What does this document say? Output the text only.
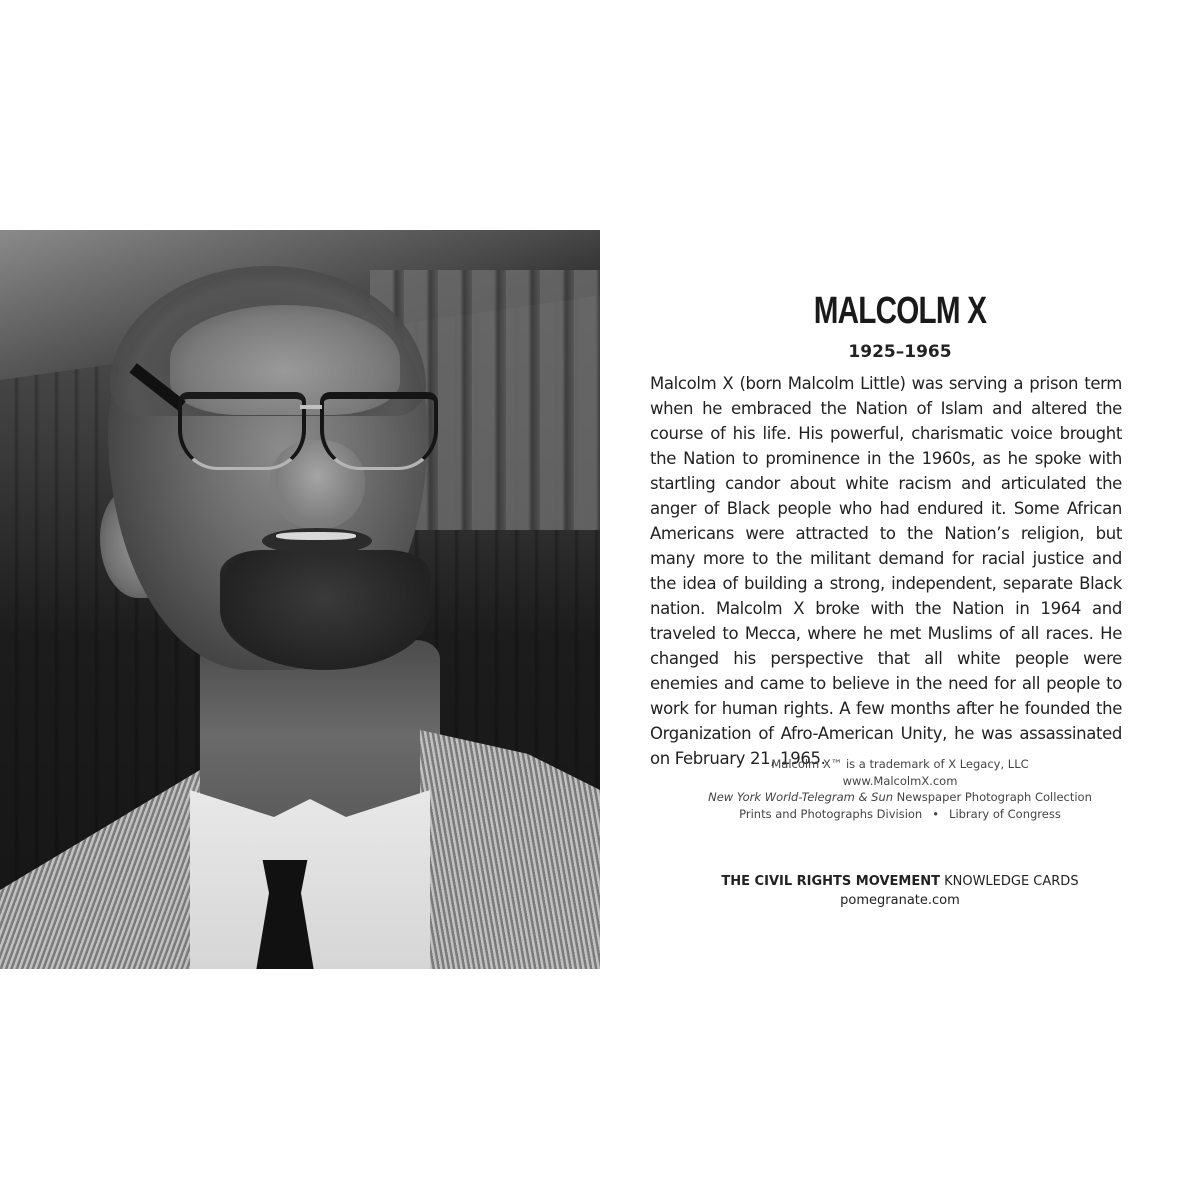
MALCOLM X
1925–1965
Malcolm X (born Malcolm Little) was serving a prison term when he embraced the Nation of Islam and altered the course of his life. His powerful, charismatic voice brought the Nation to prominence in the 1960s, as he spoke with startling candor about white racism and articulated the anger of Black people who had endured it. Some African Americans were attracted to the Nation’s religion, but many more to the militant demand for racial justice and the idea of building a strong, independent, separate Black nation. Malcolm X broke with the Nation in 1964 and traveled to Mecca, where he met Muslims of all races. He changed his perspective that all white people were enemies and came to believe in the need for all people to work for human rights. A few months after he founded the Organization of Afro-American Unity, he was assassinated on February 21, 1965.
Malcolm X™ is a trademark of X Legacy, LLC
www.MalcolmX.com
New York World-Telegram & Sun Newspaper Photograph Collection
Prints and Photographs Division • Library of Congress
THE CIVIL RIGHTS MOVEMENT KNOWLEDGE CARDS
pomegranate.com
